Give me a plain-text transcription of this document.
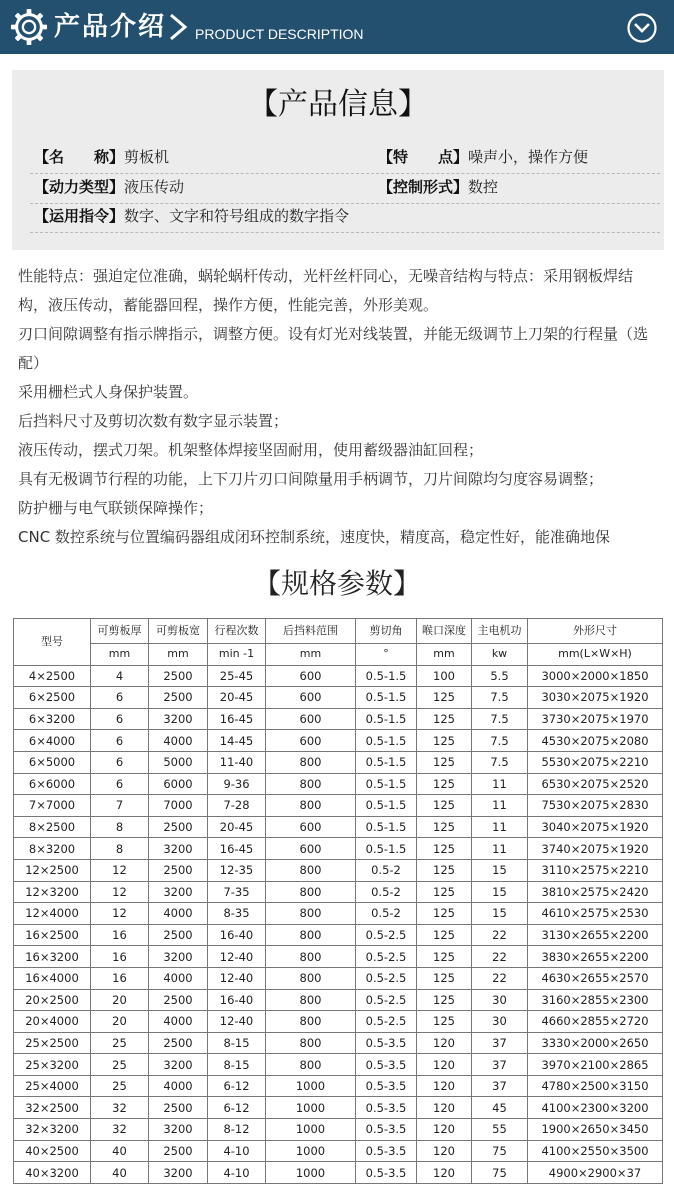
产品介绍 PRODUCT DESCRIPTION
【产品信息】
【名　　称】剪板机	【特　　点】噪声小，操作方便
【动力类型】液压传动	【控制形式】数控
【运用指令】数字、文字和符号组成的数字指令

性能特点：强迫定位准确，蜗轮蜗杆传动，光杆丝杆同心，无噪音结构与特点：采用钢板焊结构，液压传动，蓄能器回程，操作方便，性能完善，外形美观。

刃口间隙调整有指示牌指示，调整方便。设有灯光对线装置，并能无级调节上刀架的行程量（选配）

采用栅栏式人身保护装置。

后挡料尺寸及剪切次数有数字显示装置；

液压传动，摆式刀架。机架整体焊接坚固耐用，使用蓄级器油缸回程；

具有无极调节行程的功能，上下刀片刃口间隙量用手柄调节，刀片间隙均匀度容易调整；

防护栅与电气联锁保障操作；

CNC 数控系统与位置编码器组成闭环控制系统，速度快，精度高，稳定性好，能准确地保

【规格参数】
型号	可剪板厚	可剪板宽	行程次数	后挡料范围	剪切角	喉口深度	主电机功	外形尺寸
	mm	mm	min -1	mm	°	mm	kw	mm(L×W×H)
4×2500	4	2500	25-45	600	0.5-1.5	100	5.5	3000×2000×1850
6×2500	6	2500	20-45	600	0.5-1.5	125	7.5	3030×2075×1920
6×3200	6	3200	16-45	600	0.5-1.5	125	7.5	3730×2075×1970
6×4000	6	4000	14-45	600	0.5-1.5	125	7.5	4530×2075×2080
6×5000	6	5000	11-40	800	0.5-1.5	125	7.5	5530×2075×2210
6×6000	6	6000	9-36	800	0.5-1.5	125	11	6530×2075×2520
7×7000	7	7000	7-28	800	0.5-1.5	125	11	7530×2075×2830
8×2500	8	2500	20-45	600	0.5-1.5	125	11	3040×2075×1920
8×3200	8	3200	16-45	600	0.5-1.5	125	11	3740×2075×1920
12×2500	12	2500	12-35	800	0.5-2	125	15	3110×2575×2210
12×3200	12	3200	7-35	800	0.5-2	125	15	3810×2575×2420
12×4000	12	4000	8-35	800	0.5-2	125	15	4610×2575×2530
16×2500	16	2500	16-40	800	0.5-2.5	125	22	3130×2655×2200
16×3200	16	3200	12-40	800	0.5-2.5	125	22	3830×2655×2200
16×4000	16	4000	12-40	800	0.5-2.5	125	22	4630×2655×2570
20×2500	20	2500	16-40	800	0.5-2.5	125	30	3160×2855×2300
20×4000	20	4000	12-40	800	0.5-2.5	125	30	4660×2855×2720
25×2500	25	2500	8-15	800	0.5-3.5	120	37	3330×2000×2650
25×3200	25	3200	8-15	800	0.5-3.5	120	37	3970×2100×2865
25×4000	25	4000	6-12	1000	0.5-3.5	120	37	4780×2500×3150
32×2500	32	2500	6-12	1000	0.5-3.5	120	45	4100×2300×3200
32×3200	32	3200	8-12	1000	0.5-3.5	120	55	1900×2650×3450
40×2500	40	2500	4-10	1000	0.5-3.5	120	75	4100×2550×3500
40×3200	40	3200	4-10	1000	0.5-3.5	120	75	4900×2900×37
